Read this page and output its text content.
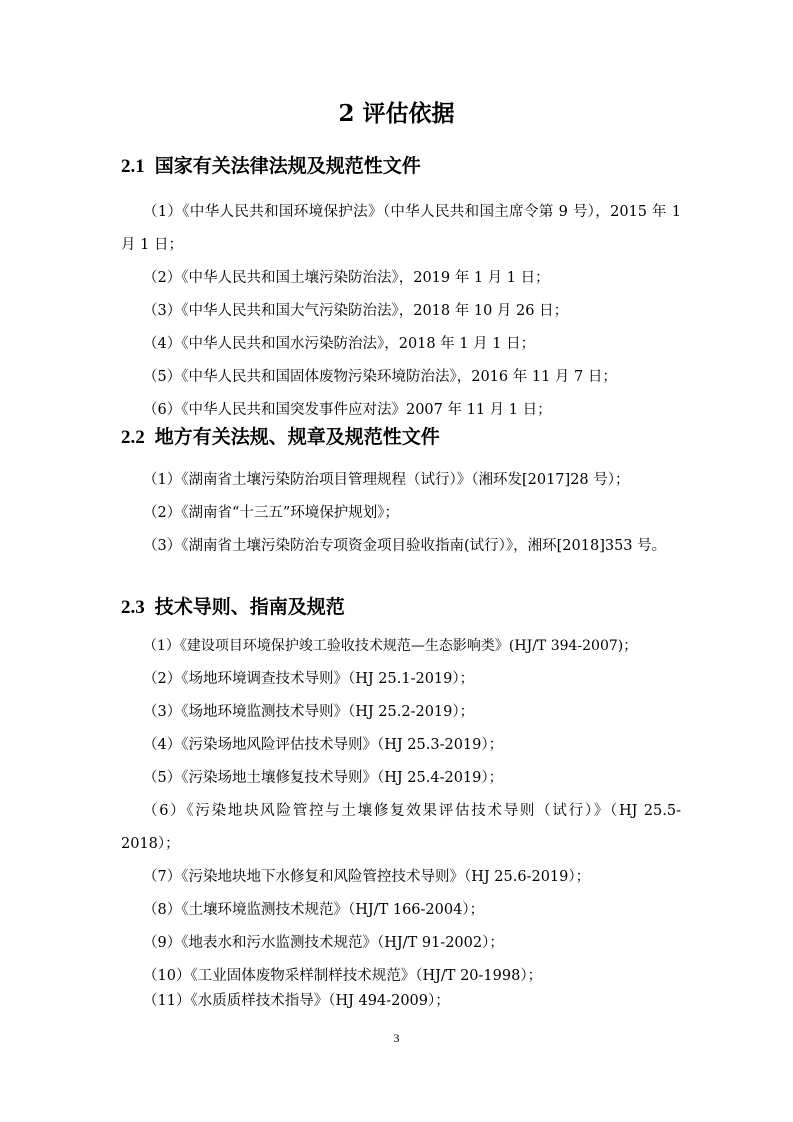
2 评估依据
2.1 国家有关法律法规及规范性文件

（1）《中华人民共和国环境保护法》（中华人民共和国主席令第 9 号），2015 年 1 月 1 日；

（2）《中华人民共和国土壤污染防治法》，2019 年 1 月 1 日；

（3）《中华人民共和国大气污染防治法》，2018 年 10 月 26 日；

（4）《中华人民共和国水污染防治法》，2018 年 1 月 1 日；

（5）《中华人民共和国固体废物污染环境防治法》，2016 年 11 月 7 日；

（6）《中华人民共和国突发事件应对法》2007 年 11 月 1 日；

2.2 地方有关法规、规章及规范性文件

（1）《湖南省土壤污染防治项目管理规程（试行）》（湘环发[2017]28 号）；

（2）《湖南省“十三五”环境保护规划》；

（3）《湖南省土壤污染防治专项资金项目验收指南(试行）》，湘环[2018]353 号。

2.3 技术导则、指南及规范

（1）《建设项目环境保护竣工验收技术规范—生态影响类》(HJ/T 394-2007)；

（2）《场地环境调查技术导则》（HJ 25.1-2019）；

（3）《场地环境监测技术导则》（HJ 25.2-2019）；

（4）《污染场地风险评估技术导则》（HJ 25.3-2019）；

（5）《污染场地土壤修复技术导则》（HJ 25.4-2019）；

（6）《污染地块风险管控与土壤修复效果评估技术导则（试行）》（HJ 25.5-2018）；

（7）《污染地块地下水修复和风险管控技术导则》（HJ 25.6-2019）；

（8）《土壤环境监测技术规范》（HJ/T 166-2004）；

（9）《地表水和污水监测技术规范》（HJ/T 91-2002）；

（10）《工业固体废物采样制样技术规范》（HJ/T 20-1998）；

（11）《水质质样技术指导》（HJ 494-2009）；

3
